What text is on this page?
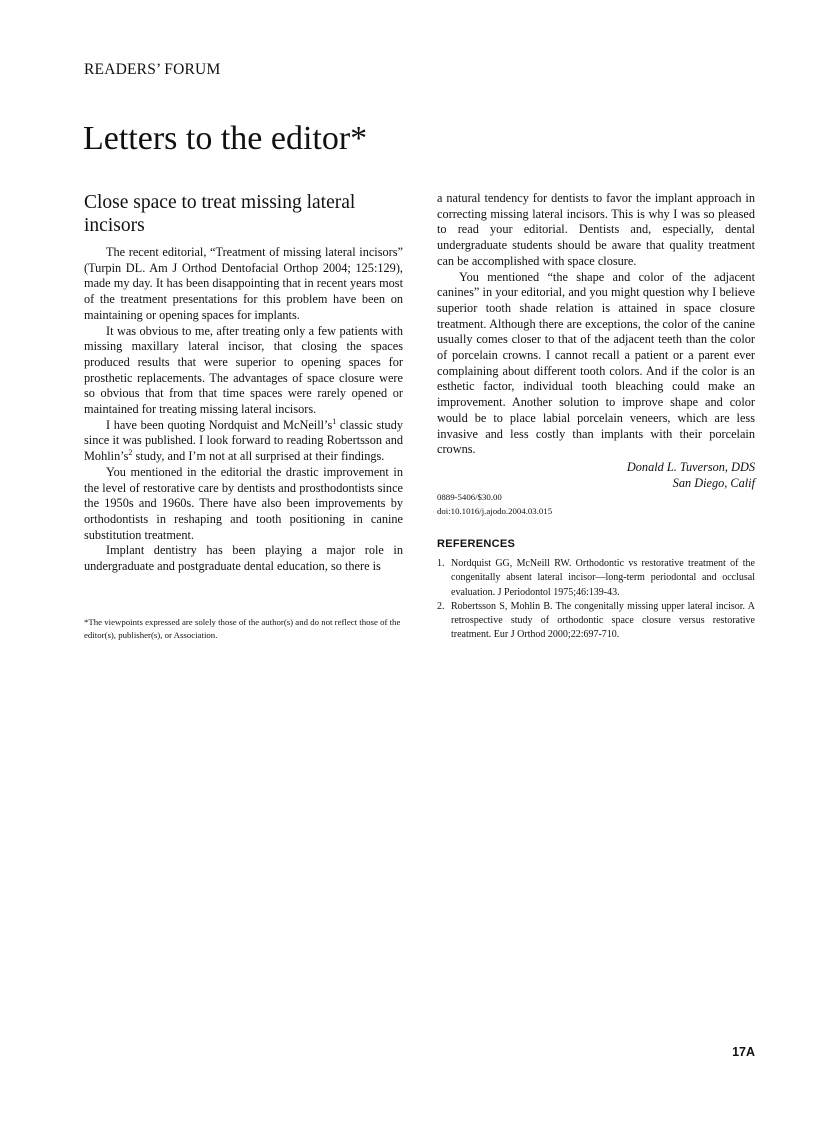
READERS’ FORUM
Letters to the editor*
Close space to treat missing lateral incisors

The recent editorial, “Treatment of missing lateral incisors” (Turpin DL. Am J Orthod Dentofacial Orthop 2004; 125:129), made my day. It has been disappointing that in recent years most of the treatment presentations for this problem have been on maintaining or opening spaces for implants.

It was obvious to me, after treating only a few patients with missing maxillary lateral incisor, that closing the spaces produced results that were superior to opening spaces for prosthetic replacements. The advantages of space closure were so obvious that from that time spaces were rarely opened or maintained for treating missing lateral incisors.

I have been quoting Nordquist and $McNeill’s^1$ classic study since it was published. I look forward to reading Robertsson and $Mohlin’s^2$ study, and I’m not at all surprised at their findings.

You mentioned in the editorial the drastic improvement in the level of restorative care by dentists and prosthodontists since the 1950s and 1960s. There have also been improvements by orthodontists in reshaping and tooth positioning in canine substitution treatment.

Implant dentistry has been playing a major role in undergraduate and postgraduate dental education, so there is

*The viewpoints expressed are solely those of the author(s) and do not reflect those of the editor(s), publisher(s), or Association.

a natural tendency for dentists to favor the implant approach in correcting missing lateral incisors. This is why I was so pleased to read your editorial. Dentists and, especially, dental undergraduate students should be aware that quality treatment can be accomplished with space closure.

You mentioned “the shape and color of the adjacent canines” in your editorial, and you might question why I believe superior tooth shade relation is attained in space closure treatment. Although there are exceptions, the color of the canine usually comes closer to that of the adjacent teeth than the color of porcelain crowns. I cannot recall a patient or a parent ever complaining about different tooth colors. And if the color is an esthetic factor, individual tooth bleaching could make an improvement. Another solution to improve shape and color would be to place labial porcelain veneers, which are less invasive and less costly than implants with their porcelain crowns.

Donald L. Tuverson, DDS
San Diego, Calif
0889-5406/$30.00
doi:10.1016/j.ajodo.2004.03.015
REFERENCES
1. Nordquist GG, McNeill RW. Orthodontic vs restorative treatment of the congenitally absent lateral incisor—long-term periodontal and occlusal evaluation. J Periodontol 1975;46:139-43.
2. Robertsson S, Mohlin B. The congenitally missing upper lateral incisor. A retrospective study of orthodontic space closure versus restorative treatment. Eur J Orthod 2000;22:697-710.
17A
